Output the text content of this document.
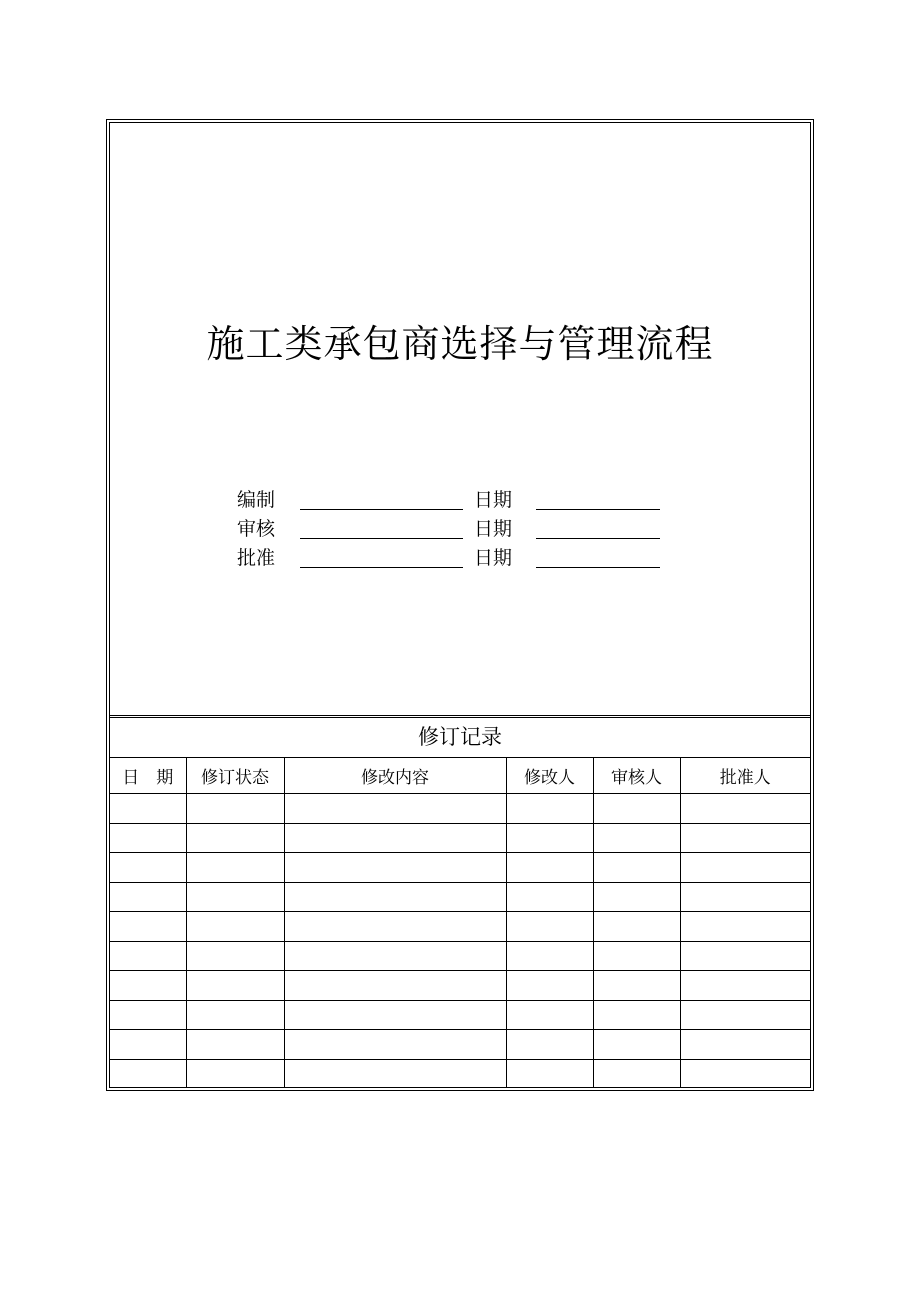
施工类承包商选择与管理流程
编制	日期
审核	日期
批准	日期
修订记录
日　期	修订状态	修改内容	修改人	审核人	批准人
